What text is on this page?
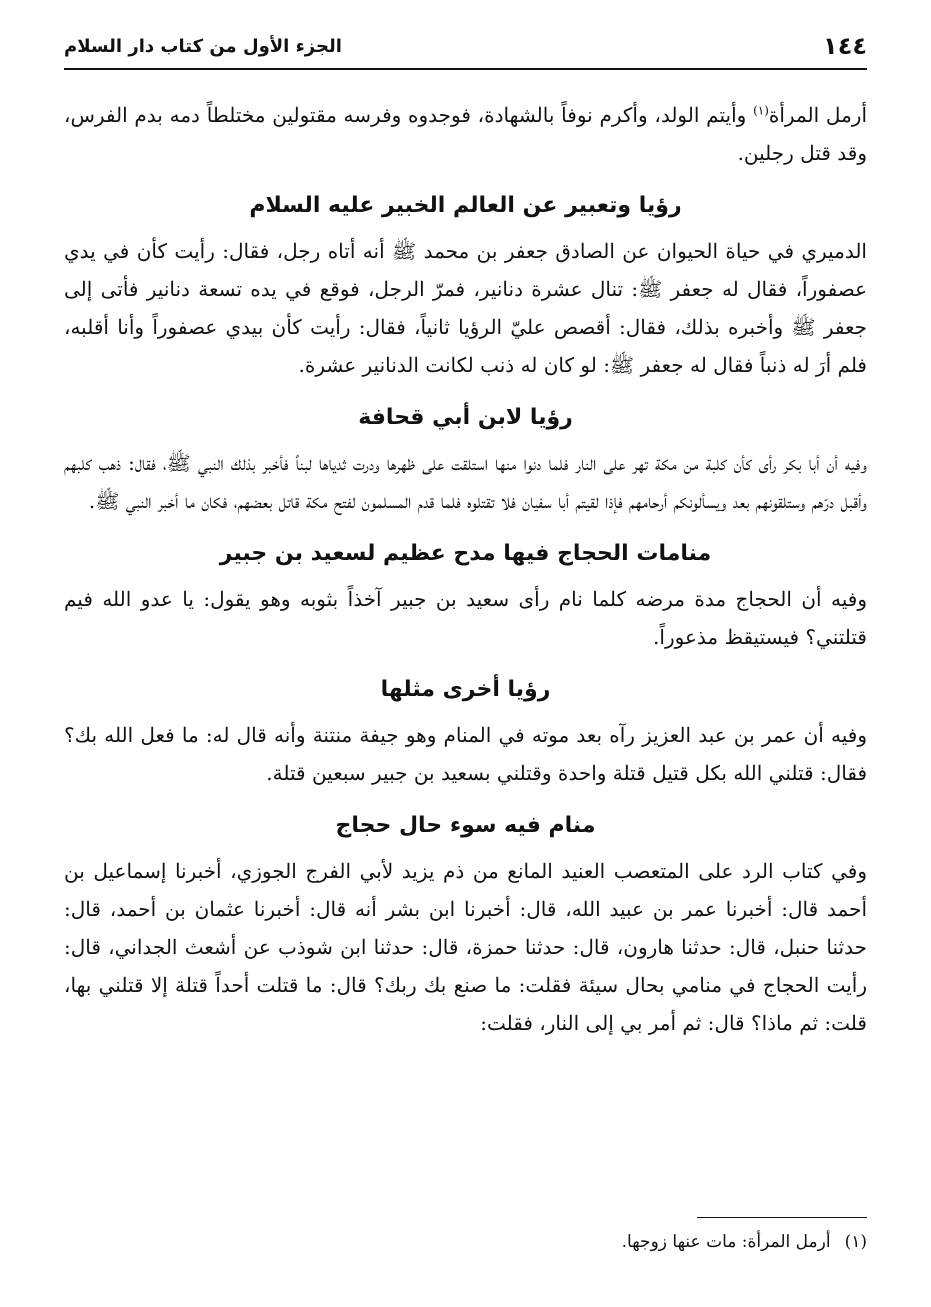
١٤٤
الجزء الأول من كتاب دار السلام

أرمل المرأة$^{(١)}$ وأيتم الولد، وأكرم نوفاً بالشهادة، فوجدوه وفرسه مقتولين مختلطاً دمه بدم الفرس، وقد قتل رجلين.

رؤيا وتعبير عن العالم الخبير عليه السلام

الدميري في حياة الحيوان عن الصادق جعفر بن محمد ﷺ أنه أتاه رجل، فقال: رأيت كأن في يدي عصفوراً، فقال له جعفر ﷺ: تنال عشرة دنانير، فمرّ الرجل، فوقع في يده تسعة دنانير فأتى إلى جعفر ﷺ وأخبره بذلك، فقال: أقصص عليّ الرؤيا ثانياً، فقال: رأيت كأن بيدي عصفوراً وأنا أقلبه، فلم أرَ له ذنباً فقال له جعفر ﷺ: لو كان له ذنب لكانت الدنانير عشرة.

رؤيا لابن أبي قحافة

وفيه أن أبا بكر رأى كأن كلبة من مكة تهر على النار فلما دنوا منها استلقت على ظهرها ودرت ثدياها لبناً فأخبر بذلك النبي ﷺ، فقال: ذهب كلبهم وأقبل درّهم وستلقونهم بعد ويسألونكم أرحامهم فإذا لقيتم أبا سفيان فلا تقتلوه فلما قدم المسلمون لفتح مكة قاتل بعضهم، فكان ما أخبر النبي ﷺ.

منامات الحجاج فيها مدح عظيم لسعيد بن جبير

وفيه أن الحجاج مدة مرضه كلما نام رأى سعيد بن جبير آخذاً بثوبه وهو يقول: يا عدو الله فيم قتلتني؟ فيستيقظ مذعوراً.

رؤيا أخرى مثلها

وفيه أن عمر بن عبد العزيز رآه بعد موته في المنام وهو جيفة منتنة وأنه قال له: ما فعل الله بك؟ فقال: قتلني الله بكل قتيل قتلة واحدة وقتلني بسعيد بن جبير سبعين قتلة.

منام فيه سوء حال حجاج

وفي كتاب الرد على المتعصب العنيد المانع من ذم يزيد لأبي الفرج الجوزي، أخبرنا إسماعيل بن أحمد قال: أخبرنا عمر بن عبيد الله، قال: أخبرنا ابن بشر أنه قال: أخبرنا عثمان بن أحمد، قال: حدثنا حنبل، قال: حدثنا هارون، قال: حدثنا حمزة، قال: حدثنا ابن شوذب عن أشعث الجداني، قال: رأيت الحجاج في منامي بحال سيئة فقلت: ما صنع بك ربك؟ قال: ما قتلت أحداً قتلة إلا قتلني بها، قلت: ثم ماذا؟ قال: ثم أمر بي إلى النار، فقلت:

(١)أرمل المرأة: مات عنها زوجها.
